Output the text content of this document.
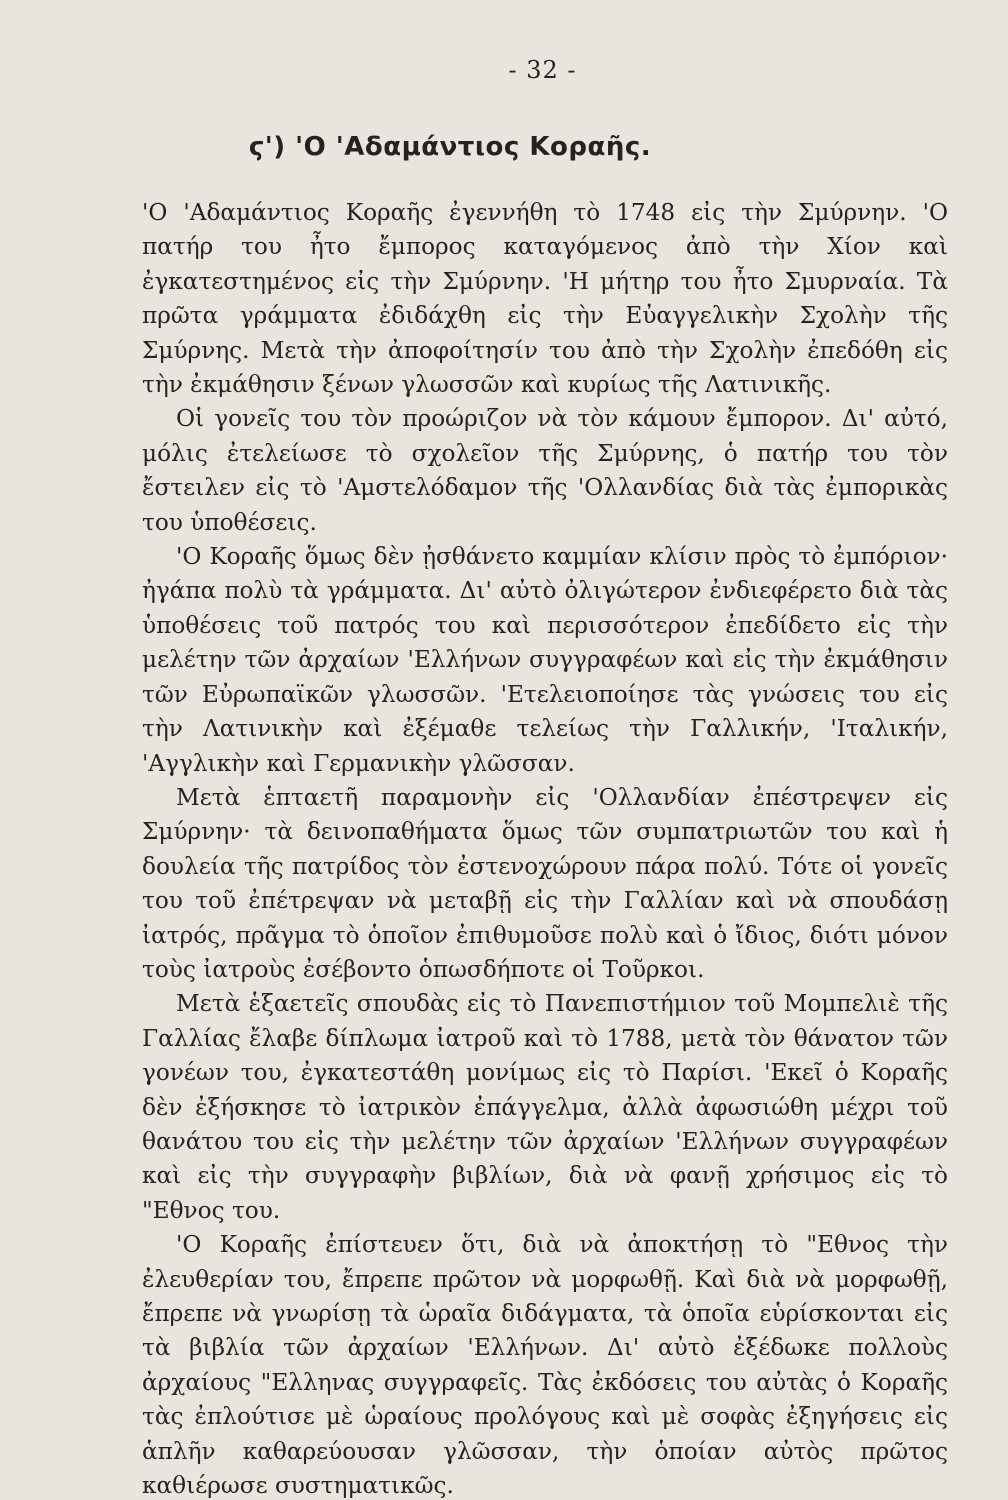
- 32 -
ϛ') 'Ο 'Αδαμάντιος Κοραῆς.

'Ο 'Αδαμάντιος Κοραῆς ἐγεννήθη τὸ 1748 εἰς τὴν Σμύρνην. 'Ο πατήρ του ἦτο ἔμπορος καταγόμενος ἀπὸ τὴν Χίον καὶ ἐγκατεστημένος εἰς τὴν Σμύρνην. 'Η μήτηρ του ἦτο Σμυρναία. Τὰ πρῶτα γράμματα ἐδιδάχθη εἰς τὴν Εὐαγγελικὴν Σχολὴν τῆς Σμύρνης. Μετὰ τὴν ἀποφοίτησίν του ἀπὸ τὴν Σχολὴν ἐπεδόθη εἰς τὴν ἐκμάθησιν ξένων γλωσσῶν καὶ κυρίως τῆς Λατινικῆς.

Οἱ γονεῖς του τὸν προώριζον νὰ τὸν κάμουν ἔμπορον. Δι' αὐτό, μόλις ἐτελείωσε τὸ σχολεῖον τῆς Σμύρνης, ὁ πατήρ του τὸν ἔστειλεν εἰς τὸ 'Αμστελόδαμον τῆς 'Ολλανδίας διὰ τὰς ἐμπορικὰς του ὑποθέσεις.

'Ο Κοραῆς ὅμως δὲν ᾐσθάνετο καμμίαν κλίσιν πρὸς τὸ ἐμπόριον· ἠγάπα πολὺ τὰ γράμματα. Δι' αὐτὸ ὀλιγώτερον ἐνδιεφέρετο διὰ τὰς ὑποθέσεις τοῦ πατρός του καὶ περισσότερον ἐπεδίδετο εἰς τὴν μελέτην τῶν ἀρχαίων 'Ελλήνων συγγραφέων καὶ εἰς τὴν ἐκμάθησιν τῶν Εὐρωπαϊκῶν γλωσσῶν. 'Ετελειοποίησε τὰς γνώσεις του εἰς τὴν Λατινικὴν καὶ ἐξέμαθε τελείως τὴν Γαλλικήν, 'Ιταλικήν, 'Αγγλικὴν καὶ Γερμανικὴν γλῶσσαν.

Μετὰ ἑπταετῆ παραμονὴν εἰς 'Ολλανδίαν ἐπέστρεψεν εἰς Σμύρνην· τὰ δεινοπαθήματα ὅμως τῶν συμπατριωτῶν του καὶ ἡ δουλεία τῆς πατρίδος τὸν ἐστενοχώρουν πάρα πολύ. Τότε οἱ γονεῖς του τοῦ ἐπέτρεψαν νὰ μεταβῇ εἰς τὴν Γαλλίαν καὶ νὰ σπουδάσῃ ἰατρός, πρᾶγμα τὸ ὁποῖον ἐπιθυμοῦσε πολὺ καὶ ὁ ἴδιος, διότι μόνον τοὺς ἰατροὺς ἐσέβοντο ὁπωσδήποτε οἱ Τοῦρκοι.

Μετὰ ἑξαετεῖς σπουδὰς εἰς τὸ Πανεπιστήμιον τοῦ Μομπελιὲ τῆς Γαλλίας ἔλαβε δίπλωμα ἰατροῦ καὶ τὸ 1788, μετὰ τὸν θάνατον τῶν γονέων του, ἐγκατεστάθη μονίμως εἰς τὸ Παρίσι. 'Εκεῖ ὁ Κοραῆς δὲν ἐξήσκησε τὸ ἰατρικὸν ἐπάγγελμα, ἀλλὰ ἀφωσιώθη μέχρι τοῦ θανάτου του εἰς τὴν μελέτην τῶν ἀρχαίων 'Ελλήνων συγγραφέων καὶ εἰς τὴν συγγραφὴν βιβλίων, διὰ νὰ φανῇ χρήσιμος εἰς τὸ "Εθνος του.

'Ο Κοραῆς ἐπίστευεν ὅτι, διὰ νὰ ἀποκτήσῃ τὸ "Εθνος τὴν ἐλευθερίαν του, ἔπρεπε πρῶτον νὰ μορφωθῇ. Καὶ διὰ νὰ μορφωθῇ, ἔπρεπε νὰ γνωρίσῃ τὰ ὡραῖα διδάγματα, τὰ ὁποῖα εὑρίσκονται εἰς τὰ βιβλία τῶν ἀρχαίων 'Ελλήνων. Δι' αὐτὸ ἐξέδωκε πολλοὺς ἀρχαίους "Ελληνας συγγραφεῖς. Τὰς ἐκδόσεις του αὐτὰς ὁ Κοραῆς τὰς ἐπλούτισε μὲ ὡραίους προλόγους καὶ μὲ σοφὰς ἐξηγήσεις εἰς ἁπλῆν καθαρεύουσαν γλῶσσαν, τὴν ὁποίαν αὐτὸς πρῶτος καθιέρωσε συστηματικῶς.
